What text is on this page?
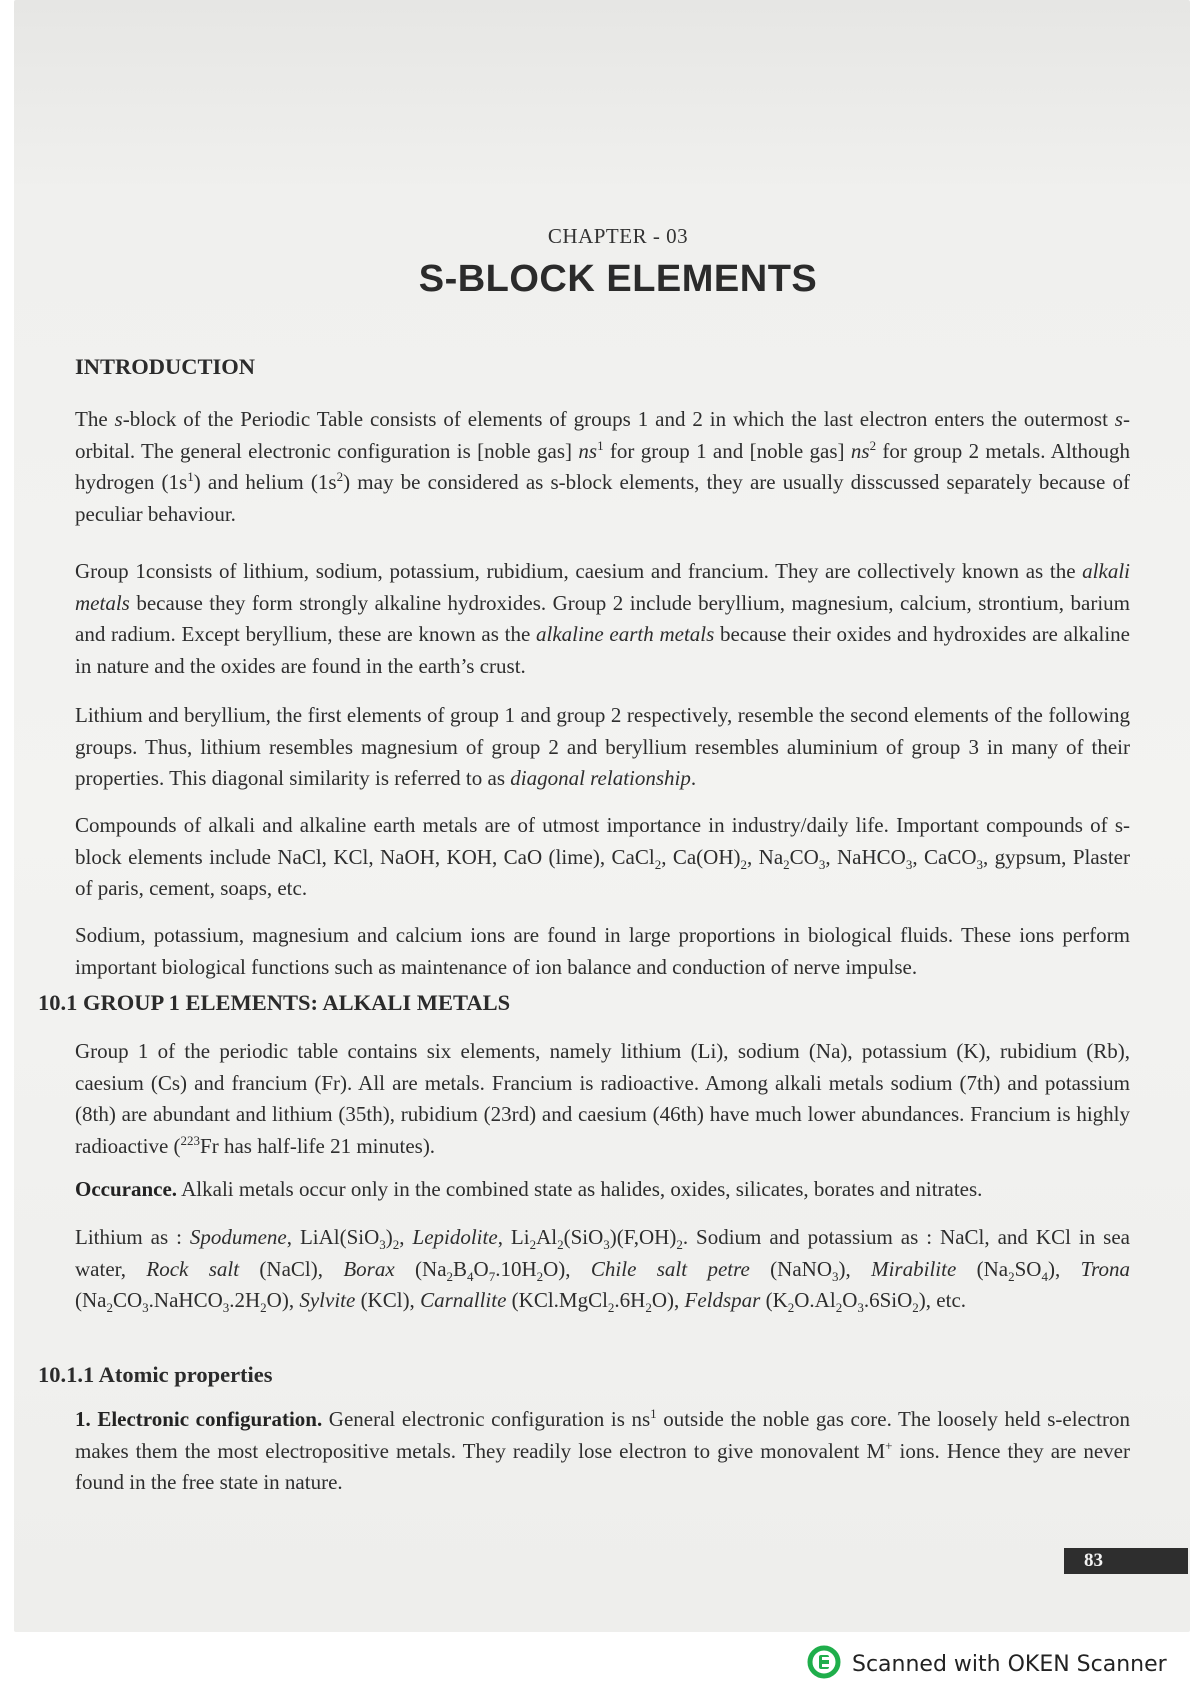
CHAPTER - 03
S-BLOCK ELEMENTS
INTRODUCTION
The s-block of the Periodic Table consists of elements of groups 1 and 2 in which the last electron enters the outermost s-orbital. The general electronic configuration is [noble gas] $ns^1$ for group 1 and [noble gas] $ns^2$ for group 2 metals. Although hydrogen $(1s^1)$ and helium $(1s^2)$ may be considered as s-block elements, they are usually disscussed separately because of peculiar behaviour.
Group 1consists of lithium, sodium, potassium, rubidium, caesium and francium. They are collectively known as the alkali metals because they form strongly alkaline hydroxides. Group 2 include beryllium, magnesium, calcium, strontium, barium and radium. Except beryllium, these are known as the alkaline earth metals because their oxides and hydroxides are alkaline in nature and the oxides are found in the earth’s crust.
Lithium and beryllium, the first elements of group 1 and group 2 respectively, resemble the second elements of the following groups. Thus, lithium resembles magnesium of group 2 and beryllium resembles aluminium of group 3 in many of their properties. This diagonal similarity is referred to as diagonal relationship.
Compounds of alkali and alkaline earth metals are of utmost importance in industry/daily life. Important compounds of s-block elements include NaCl, KCl, NaOH, KOH, CaO (lime), CaCl$_2$, $Ca(OH)_2$, $Na_2CO_3$, NaHCO$_3$, CaCO$_3$, gypsum, Plaster of paris, cement, soaps, etc.
Sodium, potassium, magnesium and calcium ions are found in large proportions in biological fluids. These ions perform important biological functions such as maintenance of ion balance and conduction of nerve impulse.
10.1 GROUP 1 ELEMENTS: ALKALI METALS
Group 1 of the periodic table contains six elements, namely lithium (Li), sodium (Na), potassium (K), rubidium (Rb), caesium (Cs) and francium (Fr). All are metals. Francium is radioactive. Among alkali metals sodium (7th) and potassium (8th) are abundant and lithium (35th), rubidium (23rd) and caesium (46th) have much lower abundances. Francium is highly radioactive ($^{223}$Fr has half-life 21 minutes).
Occurance. Alkali metals occur only in the combined state as halides, oxides, silicates, borates and nitrates.
Lithium as : Spodumene, $LiAl(SiO_3)_2$, Lepidolite, $Li_2Al_2(SiO_3)(F,OH)_2$. Sodium and potassium as : NaCl, and KCl in sea water, Rock salt (NaCl), Borax $(Na_2B_4O_7.10H_2O)$, Chile salt petre (NaNO$_3$), Mirabilite $(Na_2SO_4)$, Trona $(Na_2CO_3.NaHCO_3.2H_2O)$, Sylvite (KCl), Carnallite $(KCl.MgCl_2.6H_2O)$, Feldspar $(K_2O.Al_2O_3.6SiO_2)$, etc.
10.1.1 Atomic properties
1. Electronic configuration. General electronic configuration is $ns^1$ outside the noble gas core. The loosely held s-electron makes them the most electropositive metals. They readily lose electron to give monovalent M+ ions. Hence they are never found in the free state in nature.
83
Scanned with OKEN Scanner
